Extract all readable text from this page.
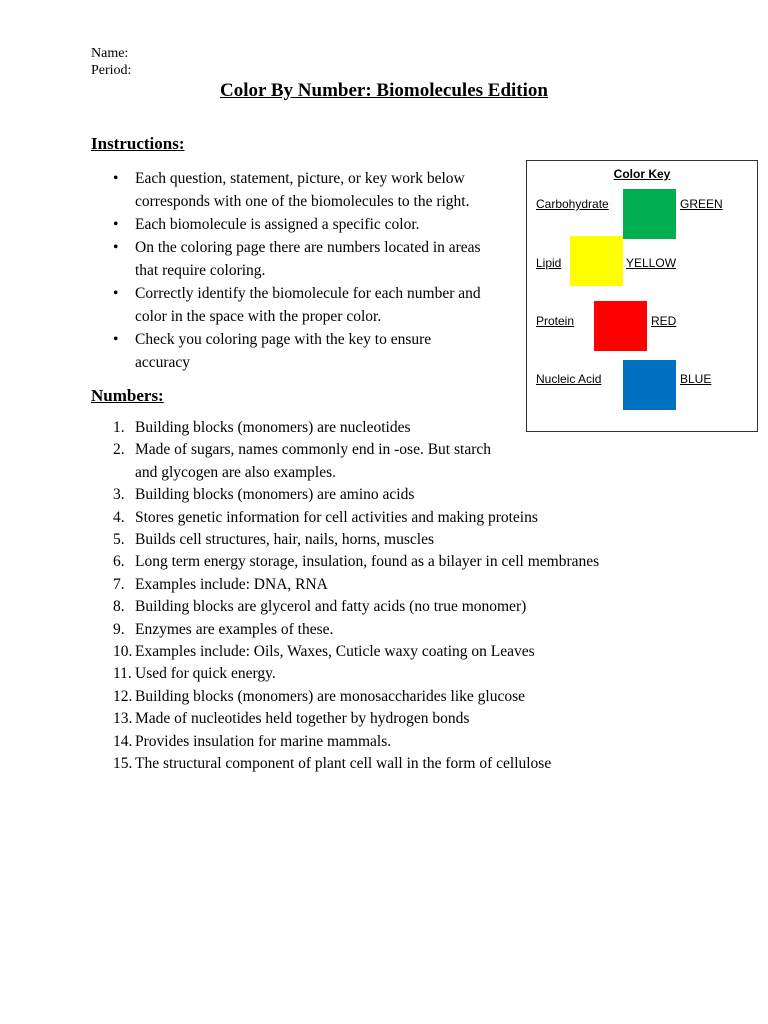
Name:
Period:
Color By Number: Biomolecules Edition
Instructions:
• Each question, statement, picture, or key work below corresponds with one of the biomolecules to the right.
• Each biomolecule is assigned a specific color.
• On the coloring page there are numbers located in areas that require coloring.
• Correctly identify the biomolecule for each number and color in the space with the proper color.
• Check you coloring page with the key to ensure accuracy
Color Key
Carbohydrate	GREEN
Lipid	YELLOW
Protein	RED
Nucleic Acid	BLUE
Numbers:
1. Building blocks (monomers) are nucleotides
2. Made of sugars, names commonly end in -ose. But starch and glycogen are also examples.
3. Building blocks (monomers) are amino acids
4. Stores genetic information for cell activities and making proteins
5. Builds cell structures, hair, nails, horns, muscles
6. Long term energy storage, insulation, found as a bilayer in cell membranes
7. Examples include: DNA, RNA
8. Building blocks are glycerol and fatty acids (no true monomer)
9. Enzymes are examples of these.
10. Examples include: Oils, Waxes, Cuticle waxy coating on Leaves
11. Used for quick energy.
12. Building blocks (monomers) are monosaccharides like glucose
13. Made of nucleotides held together by hydrogen bonds
14. Provides insulation for marine mammals.
15. The structural component of plant cell wall in the form of cellulose
